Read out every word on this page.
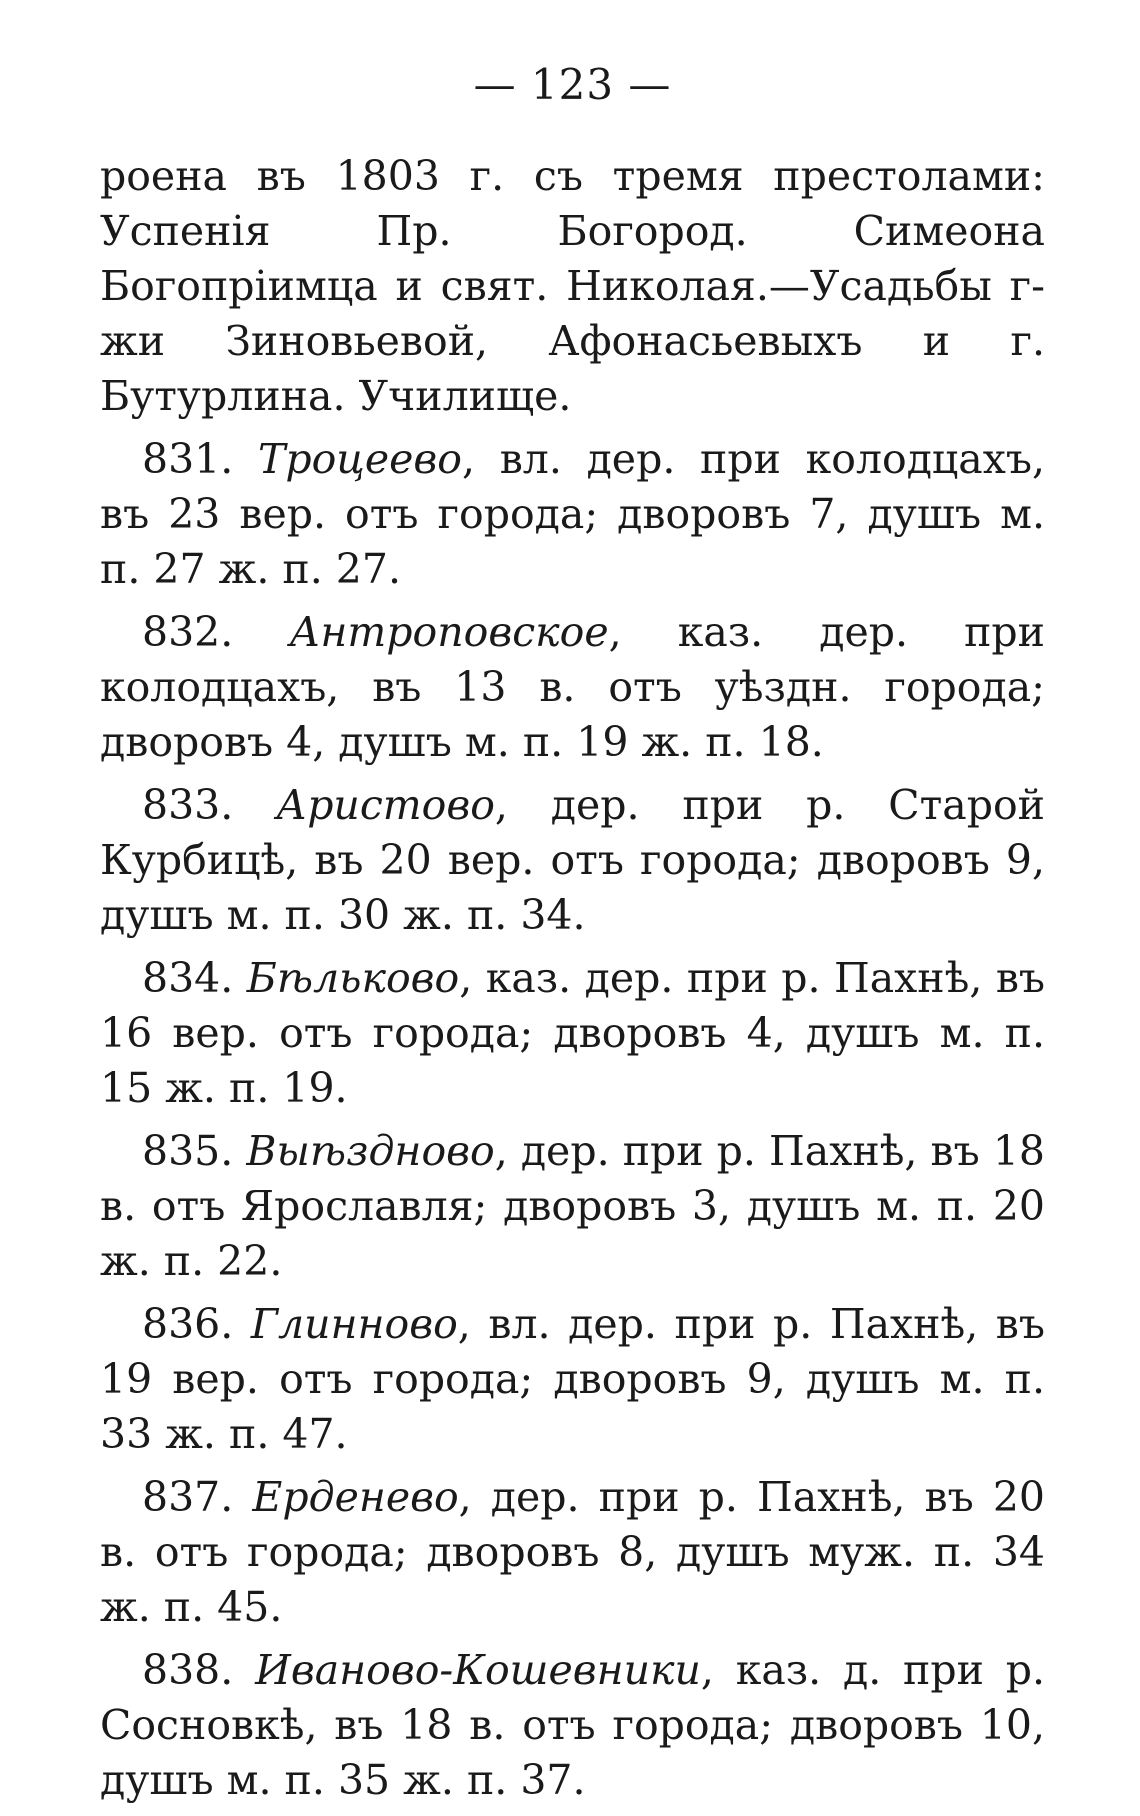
— 123 —

роена въ 1803 г. съ тремя престолами: Успенія Пр. Богород. Симеона Богопріимца и свят. Николая.—Усадьбы г-жи Зиновьевой, Афонасьевыхъ и г. Бутурлина. Училище.

831. Троцеево, вл. дер. при колодцахъ, въ 23 вер. отъ города; дворовъ 7, душъ м. п. 27 ж. п. 27.

832. Антроповское, каз. дер. при колодцахъ, въ 13 в. отъ уѣздн. города; дворовъ 4, душъ м. п. 19 ж. п. 18.

833. Аристово, дер. при р. Старой Курбицѣ, въ 20 вер. отъ города; дворовъ 9, душъ м. п. 30 ж. п. 34.

834. Бѣльково, каз. дер. при р. Пахнѣ, въ 16 вер. отъ города; дворовъ 4, душъ м. п. 15 ж. п. 19.

835. Выѣздново, дер. при р. Пахнѣ, въ 18 в. отъ Ярославля; дворовъ 3, душъ м. п. 20 ж. п. 22.

836. Глинново, вл. дер. при р. Пахнѣ, въ 19 вер. отъ города; дворовъ 9, душъ м. п. 33 ж. п. 47.

837. Ерденево, дер. при р. Пахнѣ, въ 20 в. отъ города; дворовъ 8, душъ муж. п. 34 ж. п. 45.

838. Иваново-Кошевники, каз. д. при р. Сосновкѣ, въ 18 в. отъ города; дворовъ 10, душъ м. п. 35 ж. п. 37.
